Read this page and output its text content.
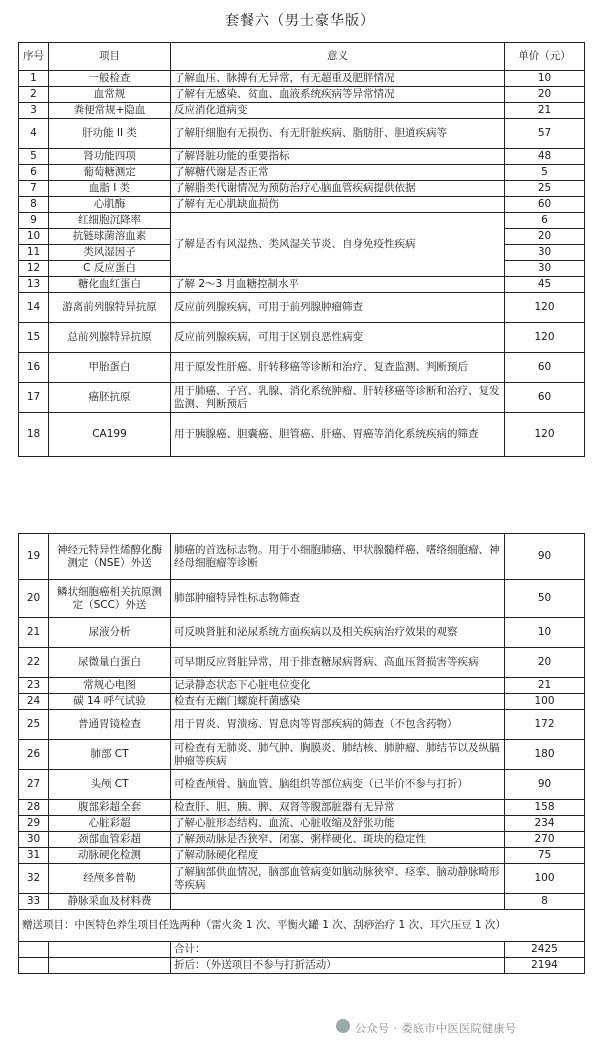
套餐六（男士豪华版）
序号	项目	意义	单价（元）
1	一般检查	了解血压、脉搏有无异常，有无超重及肥胖情况	10
2	血常规	了解有无感染、贫血、血液系统疾病等异常情况	20
3	粪便常规+隐血	反应消化道病变	21
4	肝功能 II 类	了解肝细胞有无损伤、有无肝脏疾病、脂肪肝、胆道疾病等	57
5	肾功能四项	了解肾脏功能的重要指标	48
6	葡萄糖测定	了解糖代谢是否正常	5
7	血脂 I 类	了解脂类代谢情况为预防治疗心脑血管疾病提供依据	25
8	心肌酶	了解有无心肌缺血损伤	60
9	红细胞沉降率	了解是否有风湿热、类风湿关节炎、自身免疫性疾病	6
10	抗链球菌溶血素		20
11	类风湿因子		30
12	C 反应蛋白		30
13	糖化血红蛋白	了解 2～3 月血糖控制水平	45
14	游离前列腺特异抗原	反应前列腺疾病，可用于前列腺肿瘤筛查	120
15	总前列腺特异抗原	反应前列腺疾病，可用于区别良恶性病变	120
16	甲胎蛋白	用于原发性肝癌、肝转移癌等诊断和治疗、复查监测、判断预后	60
17	癌胚抗原	用于肺癌、子宫、乳腺、消化系统肿瘤、肝转移癌等诊断和治疗、复发监测、判断预后	60
18	CA199	用于胰腺癌、胆囊癌、胆管癌、肝癌、胃癌等消化系统疾病的筛查	120
19	神经元特异性烯醇化酶测定（NSE）外送	肺癌的首选标志物。用于小细胞肺癌、甲状腺髓样癌、嗜络细胞瘤、神经母细胞瘤等诊断	90
20	鳞状细胞癌相关抗原测定（SCC）外送	肺部肿瘤特异性标志物筛查	50
21	尿液分析	可反映肾脏和泌尿系统方面疾病以及相关疾病治疗效果的观察	10
22	尿微量白蛋白	可早期反应肾脏异常，用于排查糖尿病肾病、高血压肾损害等疾病	20
23	常规心电图	记录静态状态下心脏电位变化	21
24	碳 14 呼气试验	检查有无幽门螺旋杆菌感染	100
25	普通胃镜检查	用于胃炎、胃溃疡、胃息肉等胃部疾病的筛查（不包含药物）	172
26	肺部 CT	可检查有无肺炎、肺气肿、胸膜炎、肺结核、肺肿瘤、肺结节以及纵膈肿瘤等疾病	180
27	头颅 CT	可检查颅骨、脑血管、脑组织等部位病变（已半价不参与打折）	90
28	腹部彩超全套	检查肝、胆、胰、脾、双肾等腹部脏器有无异常	158
29	心脏彩超	了解心脏形态结构、血流、心脏收缩及舒张功能	234
30	颈部血管彩超	了解颈动脉是否狭窄、闭塞、粥样硬化、斑块的稳定性	270
31	动脉硬化检测	了解动脉硬化程度	75
32	经颅多普勒	了解脑部供血情况，脑部血管病变如脑动脉狭窄、痉挛、脑动静脉畸形等疾病	100
33	静脉采血及材料费		8
赠送项目：中医特色养生项目任选两种（雷火灸 1 次、平衡火罐 1 次、刮痧治疗 1 次、耳穴压豆 1 次）			
		合计：	2425
		折后：（外送项目不参与打折活动）	2194
公众号 · 娄底市中医医院健康号
